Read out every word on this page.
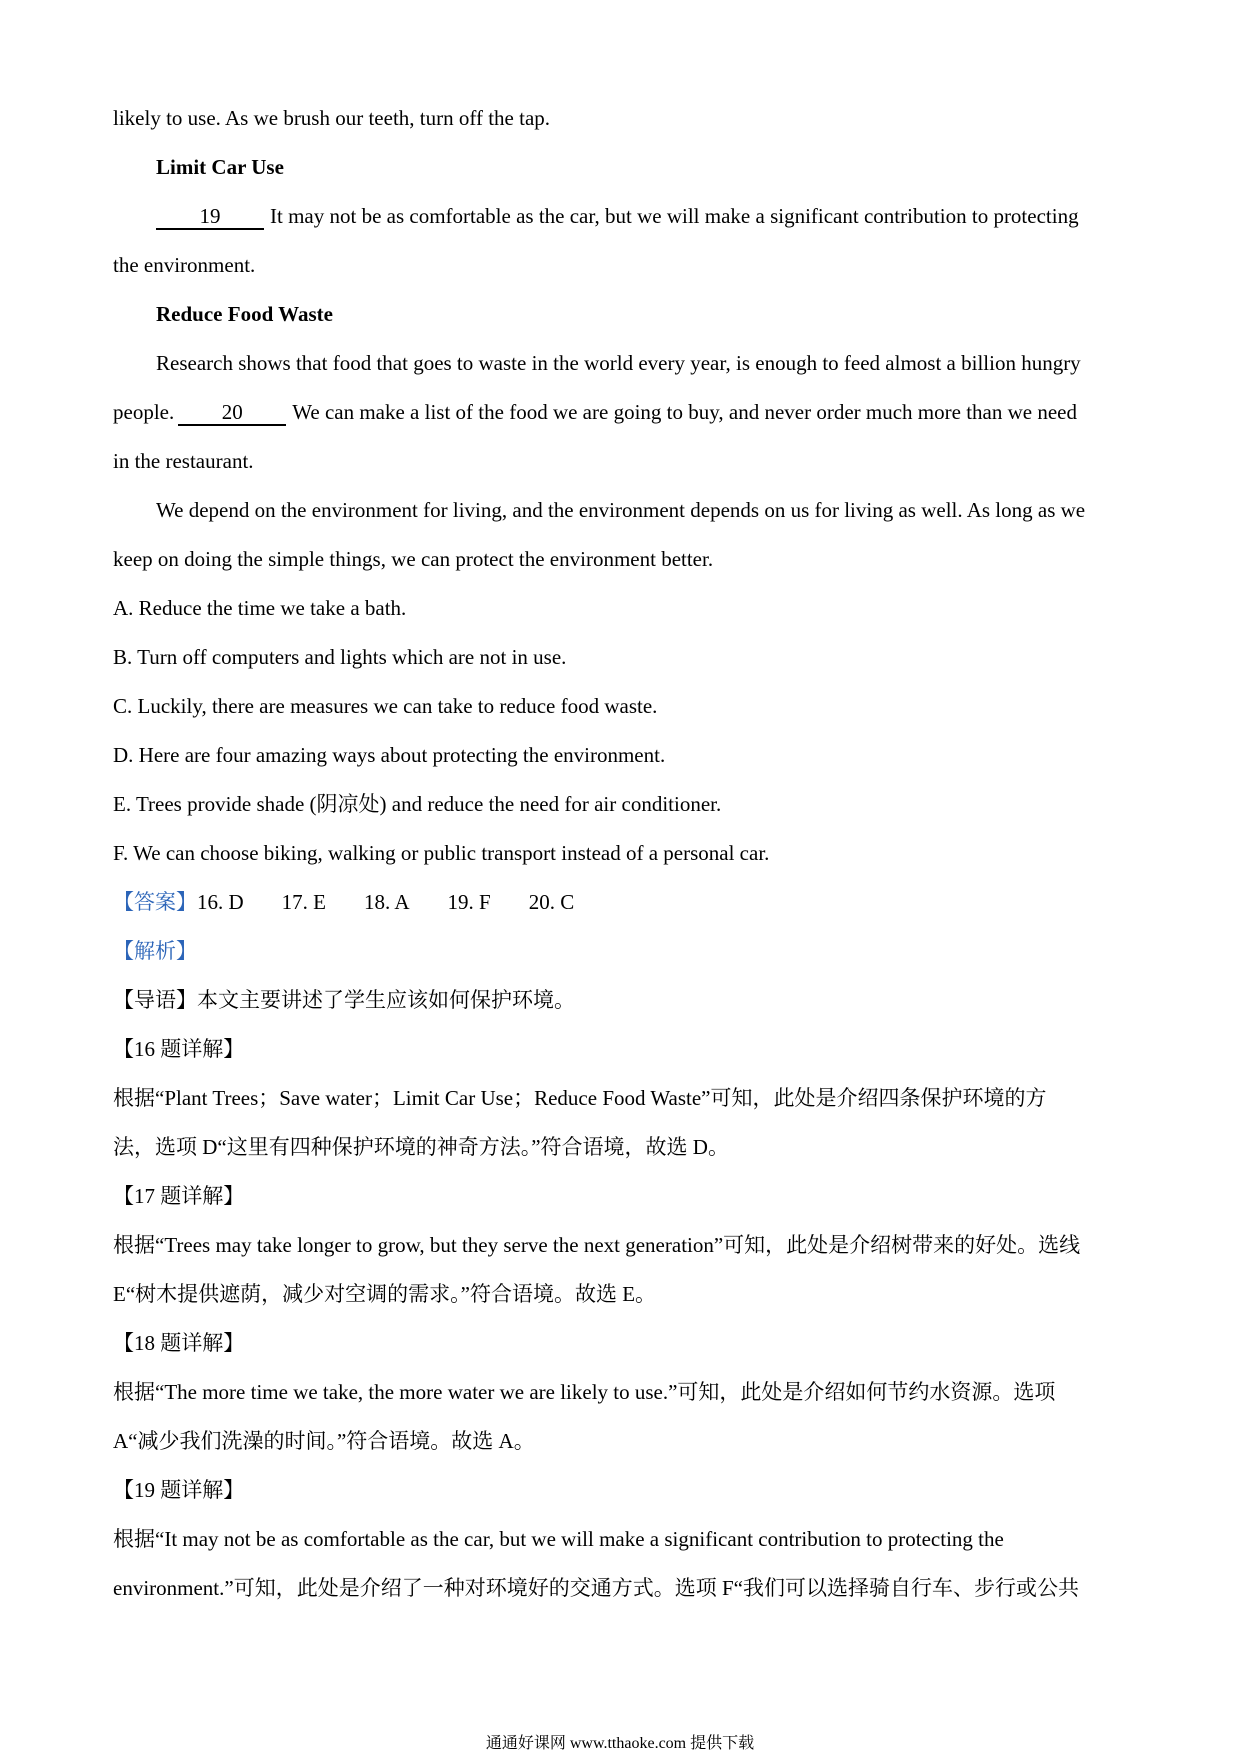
likely to use. As we brush our teeth, turn off the tap.
Limit Car Use
19 It may not be as comfortable as the car, but we will make a significant contribution to protecting
the environment.
Reduce Food Waste
Research shows that food that goes to waste in the world every year, is enough to feed almost a billion hungry
people. 20 We can make a list of the food we are going to buy, and never order much more than we need
in the restaurant.
We depend on the environment for living, and the environment depends on us for living as well. As long as we
keep on doing the simple things, we can protect the environment better.
A. Reduce the time we take a bath.
B. Turn off computers and lights which are not in use.
C. Luckily, there are measures we can take to reduce food waste.
D. Here are four amazing ways about protecting the environment.
E. Trees provide shade (阴凉处) and reduce the need for air conditioner.
F. We can choose biking, walking or public transport instead of a personal car.
【答案】16. D 17. E 18. A 19. F 20. C
【解析】
【导语】本文主要讲述了学生应该如何保护环境。
【16 题详解】
根据“Plant Trees；Save water；Limit Car Use；Reduce Food Waste”可知，此处是介绍四条保护环境的方
法，选项 D“这里有四种保护环境的神奇方法。”符合语境，故选 D。
【17 题详解】
根据“Trees may take longer to grow, but they serve the next generation”可知，此处是介绍树带来的好处。选线
E“树木提供遮荫，减少对空调的需求。”符合语境。故选 E。
【18 题详解】
根据“The more time we take, the more water we are likely to use.”可知，此处是介绍如何节约水资源。选项
A“减少我们洗澡的时间。”符合语境。故选 A。
【19 题详解】
根据“It may not be as comfortable as the car, but we will make a significant contribution to protecting the
environment.”可知，此处是介绍了一种对环境好的交通方式。选项 F“我们可以选择骑自行车、步行或公共
通通好课网 www.tthaoke.com 提供下载
